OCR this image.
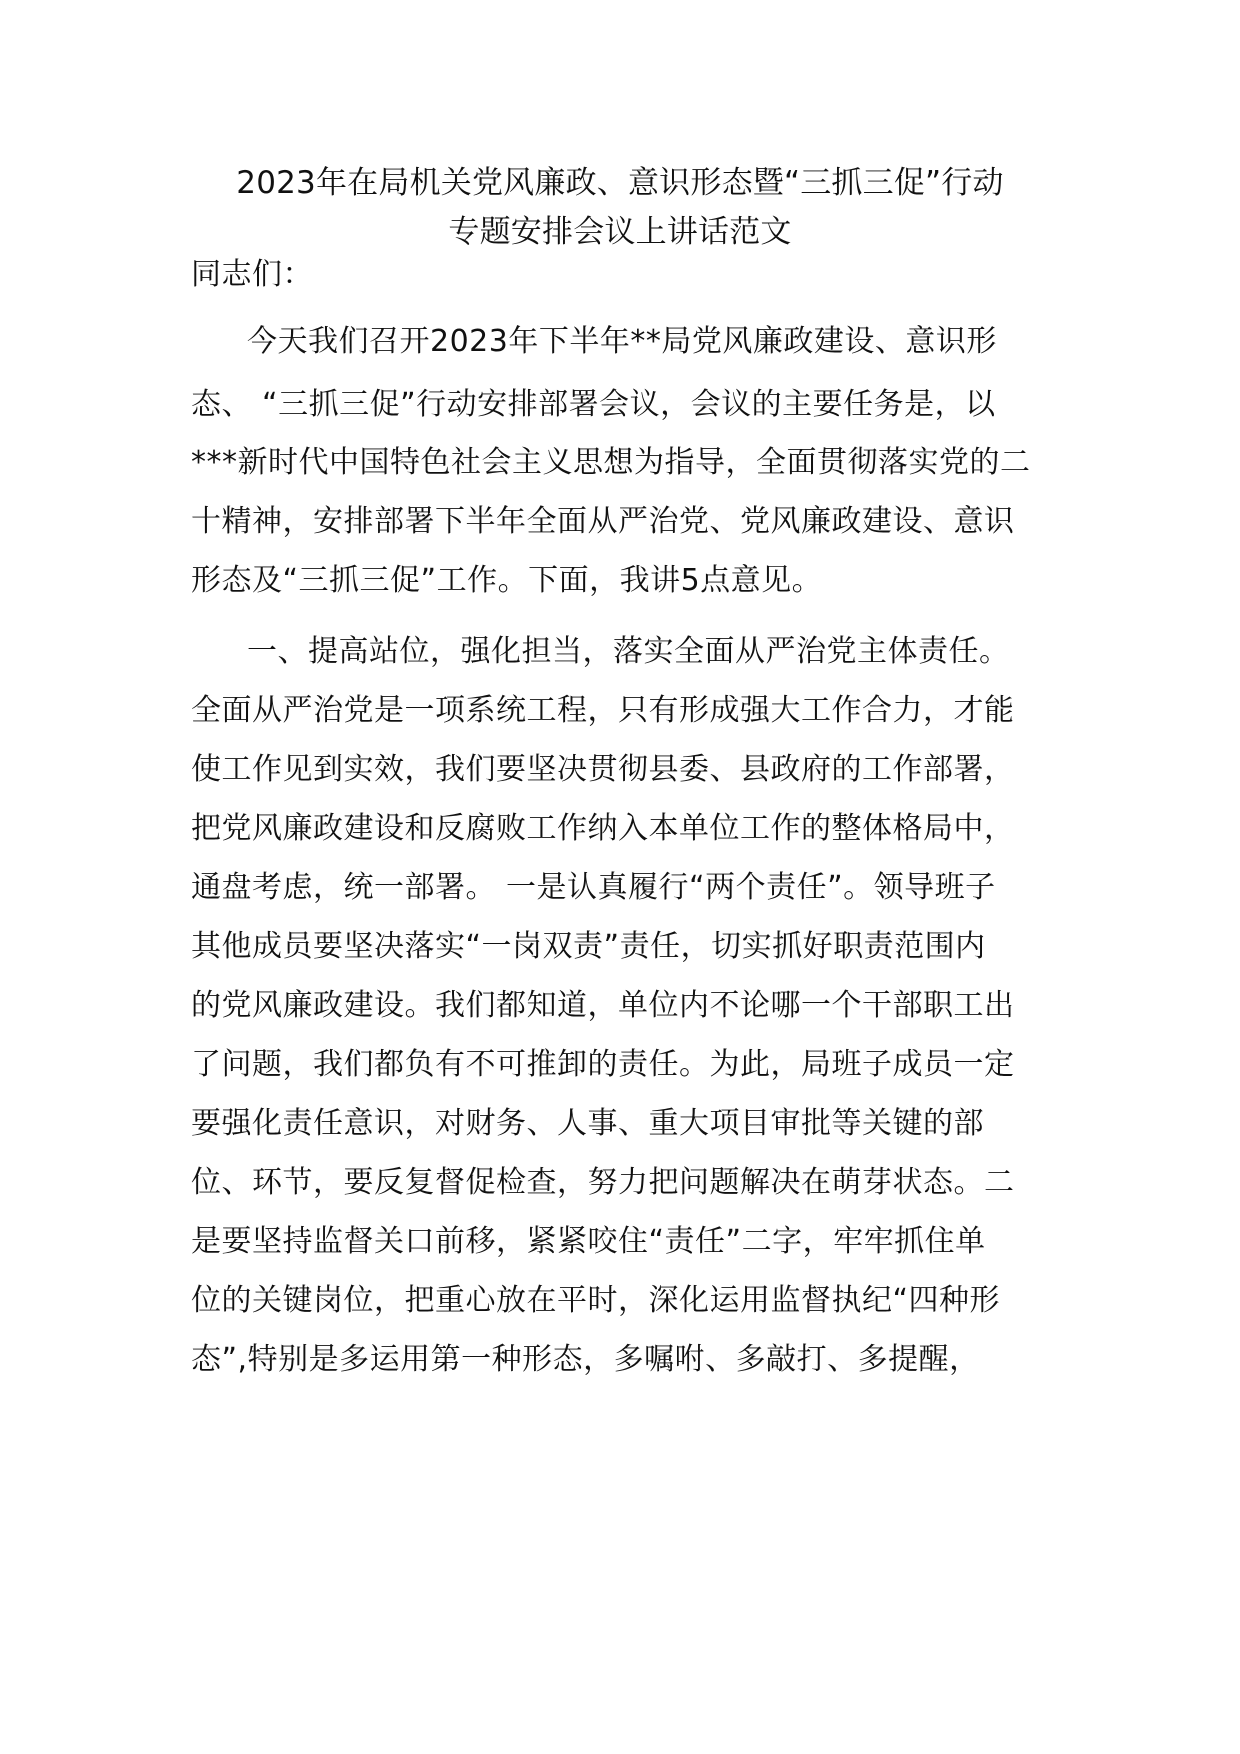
2023年在局机关党风廉政、意识形态暨“三抓三促”行动
专题安排会议上讲话范文
同志们：
今天我们召开2023年下半年**局党风廉政建设、意识形
态、 “三抓三促”行动安排部署会议，会议的主要任务是，以
***新时代中国特色社会主义思想为指导，全面贯彻落实党的二
十精神，安排部署下半年全面从严治党、党风廉政建设、意识
形态及“三抓三促”工作。下面，我讲5点意见。
一、提高站位，强化担当，落实全面从严治党主体责任。
全面从严治党是一项系统工程，只有形成强大工作合力，才能
使工作见到实效，我们要坚决贯彻县委、县政府的工作部署，
把党风廉政建设和反腐败工作纳入本单位工作的整体格局中，
通盘考虑，统一部署。 一是认真履行“两个责任”。领导班子
其他成员要坚决落实“一岗双责”责任，切实抓好职责范围内
的党风廉政建设。我们都知道，单位内不论哪一个干部职工出
了问题，我们都负有不可推卸的责任。为此，局班子成员一定
要强化责任意识，对财务、人事、重大项目审批等关键的部
位、环节，要反复督促检查，努力把问题解决在萌芽状态。二
是要坚持监督关口前移，紧紧咬住“责任”二字，牢牢抓住单
位的关键岗位，把重心放在平时，深化运用监督执纪“四种形
态”,特别是多运用第一种形态，多嘱咐、多敲打、多提醒，
